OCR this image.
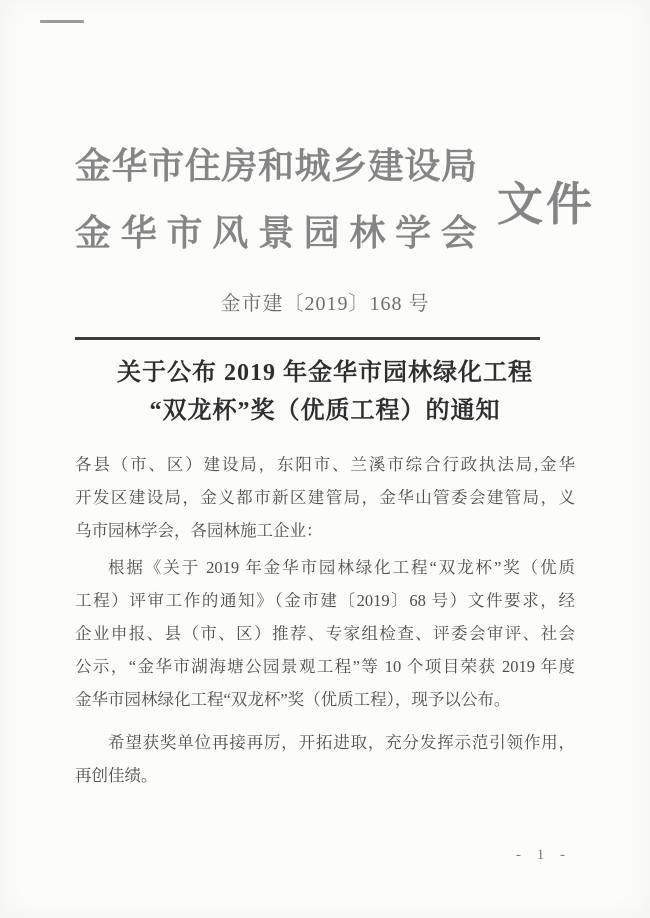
金 华 市 住 房 和 城 乡 建 设 局
金 华 市 风 景 园 林 学 会
文件
金市建〔2019〕168 号
关于公布 2019 年金华市园林绿化工程
“双龙杯”奖（优质工程）的通知
各县（市、区）建设局，东阳市、兰溪市综合行政执法局,金华
开发区建设局，金义都市新区建管局，金华山管委会建管局，义
乌市园林学会，各园林施工企业：
根据《关于 2019 年金华市园林绿化工程“双龙杯”奖（优质
工程）评审工作的通知》（金市建〔2019〕68 号）文件要求，经
企业申报、县（市、区）推荐、专家组检查、评委会审评、社会
公示，“金华市湖海塘公园景观工程”等 10 个项目荣获 2019 年度
金华市园林绿化工程“双龙杯”奖（优质工程），现予以公布。
希望获奖单位再接再厉，开拓进取，充分发挥示范引领作用，
再创佳绩。
- 1 -
